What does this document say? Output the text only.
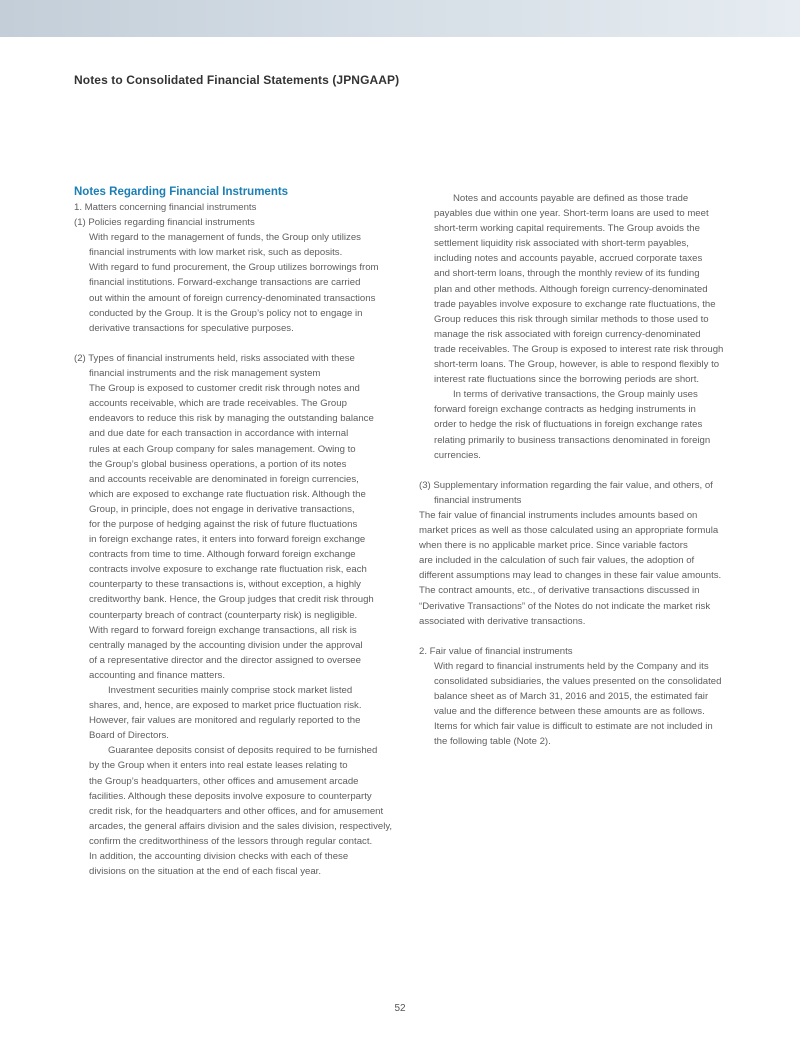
Notes to Consolidated Financial Statements (JPNGAAP)
Notes Regarding Financial Instruments
1. Matters concerning financial instruments
(1) Policies regarding financial instruments
With regard to the management of funds, the Group only utilizes
financial instruments with low market risk, such as deposits.
With regard to fund procurement, the Group utilizes borrowings from
financial institutions. Forward-exchange transactions are carried
out within the amount of foreign currency-denominated transactions
conducted by the Group. It is the Group’s policy not to engage in
derivative transactions for speculative purposes.
(2) Types of financial instruments held, risks associated with these
financial instruments and the risk management system
The Group is exposed to customer credit risk through notes and
accounts receivable, which are trade receivables. The Group
endeavors to reduce this risk by managing the outstanding balance
and due date for each transaction in accordance with internal
rules at each Group company for sales management. Owing to
the Group’s global business operations, a portion of its notes
and accounts receivable are denominated in foreign currencies,
which are exposed to exchange rate fluctuation risk. Although the
Group, in principle, does not engage in derivative transactions,
for the purpose of hedging against the risk of future fluctuations
in foreign exchange rates, it enters into forward foreign exchange
contracts from time to time. Although forward foreign exchange
contracts involve exposure to exchange rate fluctuation risk, each
counterparty to these transactions is, without exception, a highly
creditworthy bank. Hence, the Group judges that credit risk through
counterparty breach of contract (counterparty risk) is negligible.
With regard to forward foreign exchange transactions, all risk is
centrally managed by the accounting division under the approval
of a representative director and the director assigned to oversee
accounting and finance matters.
Investment securities mainly comprise stock market listed
shares, and, hence, are exposed to market price fluctuation risk.
However, fair values are monitored and regularly reported to the
Board of Directors.
Guarantee deposits consist of deposits required to be furnished
by the Group when it enters into real estate leases relating to
the Group’s headquarters, other offices and amusement arcade
facilities. Although these deposits involve exposure to counterparty
credit risk, for the headquarters and other offices, and for amusement
arcades, the general affairs division and the sales division, respectively,
confirm the creditworthiness of the lessors through regular contact.
In addition, the accounting division checks with each of these
divisions on the situation at the end of each fiscal year.
Notes and accounts payable are defined as those trade
payables due within one year. Short-term loans are used to meet
short-term working capital requirements. The Group avoids the
settlement liquidity risk associated with short-term payables,
including notes and accounts payable, accrued corporate taxes
and short-term loans, through the monthly review of its funding
plan and other methods. Although foreign currency-denominated
trade payables involve exposure to exchange rate fluctuations, the
Group reduces this risk through similar methods to those used to
manage the risk associated with foreign currency-denominated
trade receivables. The Group is exposed to interest rate risk through
short-term loans. The Group, however, is able to respond flexibly to
interest rate fluctuations since the borrowing periods are short.
In terms of derivative transactions, the Group mainly uses
forward foreign exchange contracts as hedging instruments in
order to hedge the risk of fluctuations in foreign exchange rates
relating primarily to business transactions denominated in foreign
currencies.
(3) Supplementary information regarding the fair value, and others, of
financial instruments
The fair value of financial instruments includes amounts based on
market prices as well as those calculated using an appropriate formula
when there is no applicable market price. Since variable factors
are included in the calculation of such fair values, the adoption of
different assumptions may lead to changes in these fair value amounts.
The contract amounts, etc., of derivative transactions discussed in
“Derivative Transactions” of the Notes do not indicate the market risk
associated with derivative transactions.
2. Fair value of financial instruments
With regard to financial instruments held by the Company and its
consolidated subsidiaries, the values presented on the consolidated
balance sheet as of March 31, 2016 and 2015, the estimated fair
value and the difference between these amounts are as follows.
Items for which fair value is difficult to estimate are not included in
the following table (Note 2).
52
